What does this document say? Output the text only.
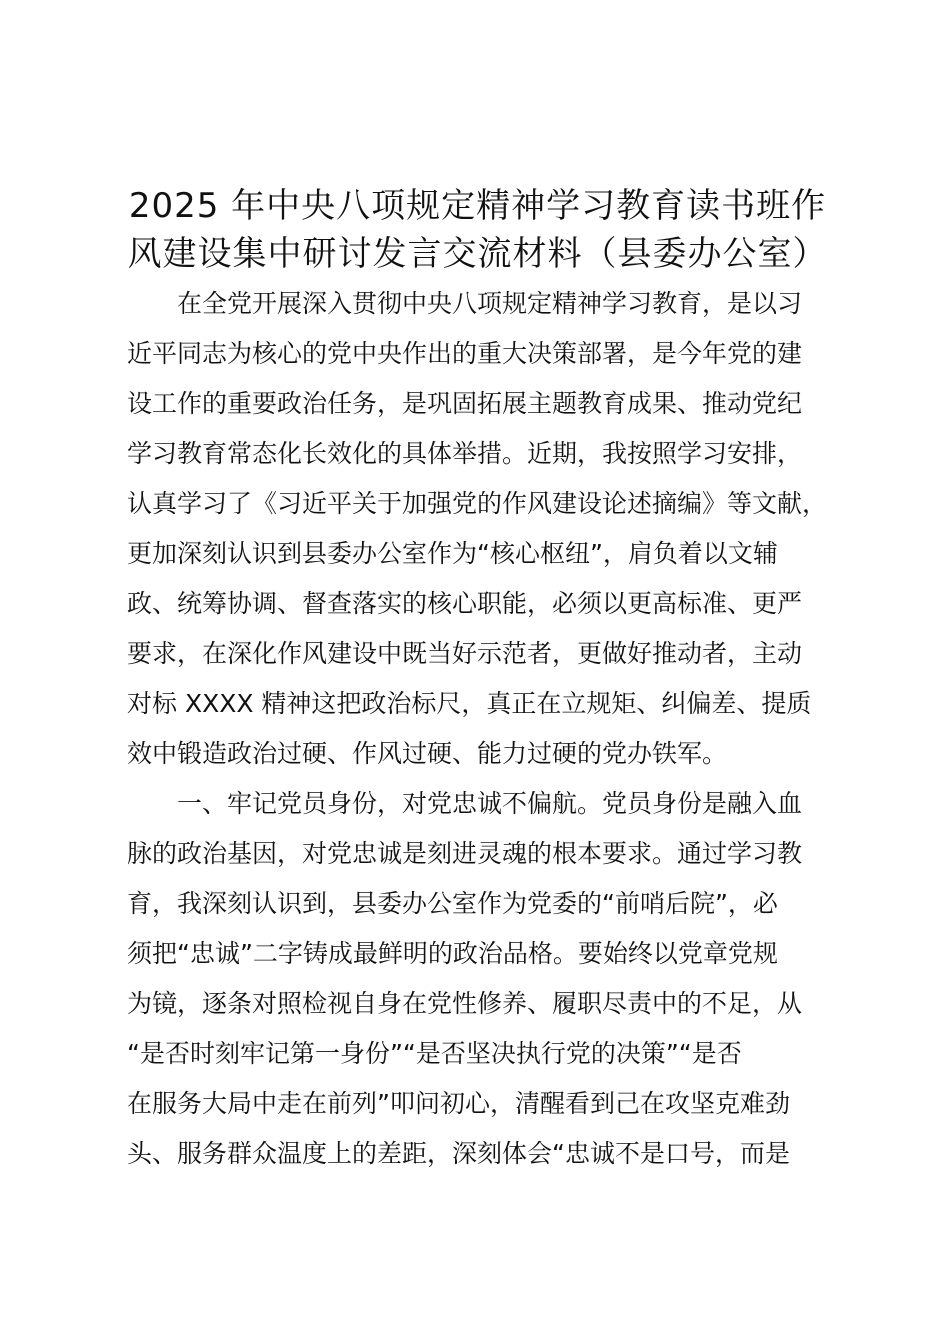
2025 年中央八项规定精神学习教育读书班作
风建设集中研讨发言交流材料（县委办公室）

　　在全党开展深入贯彻中央八项规定精神学习教育，是以习

近平同志为核心的党中央作出的重大决策部署，是今年党的建

设工作的重要政治任务，是巩固拓展主题教育成果、推动党纪

学习教育常态化长效化的具体举措。近期，我按照学习安排，

认真学习了《习近平关于加强党的作风建设论述摘编》等文献，

更加深刻认识到县委办公室作为“核心枢纽”，肩负着以文辅

政、统筹协调、督查落实的核心职能，必须以更高标准、更严

要求，在深化作风建设中既当好示范者，更做好推动者，主动

对标 XXXX 精神这把政治标尺，真正在立规矩、纠偏差、提质

效中锻造政治过硬、作风过硬、能力过硬的党办铁军。

　　一、牢记党员身份，对党忠诚不偏航。党员身份是融入血

脉的政治基因，对党忠诚是刻进灵魂的根本要求。通过学习教

育，我深刻认识到，县委办公室作为党委的“前哨后院”，必

须把“忠诚”二字铸成最鲜明的政治品格。要始终以党章党规

为镜，逐条对照检视自身在党性修养、履职尽责中的不足，从

“是否时刻牢记第一身份”“是否坚决执行党的决策”“是否

在服务大局中走在前列”叩问初心，清醒看到己在攻坚克难劲

头、服务群众温度上的差距，深刻体会“忠诚不是口号，而是
